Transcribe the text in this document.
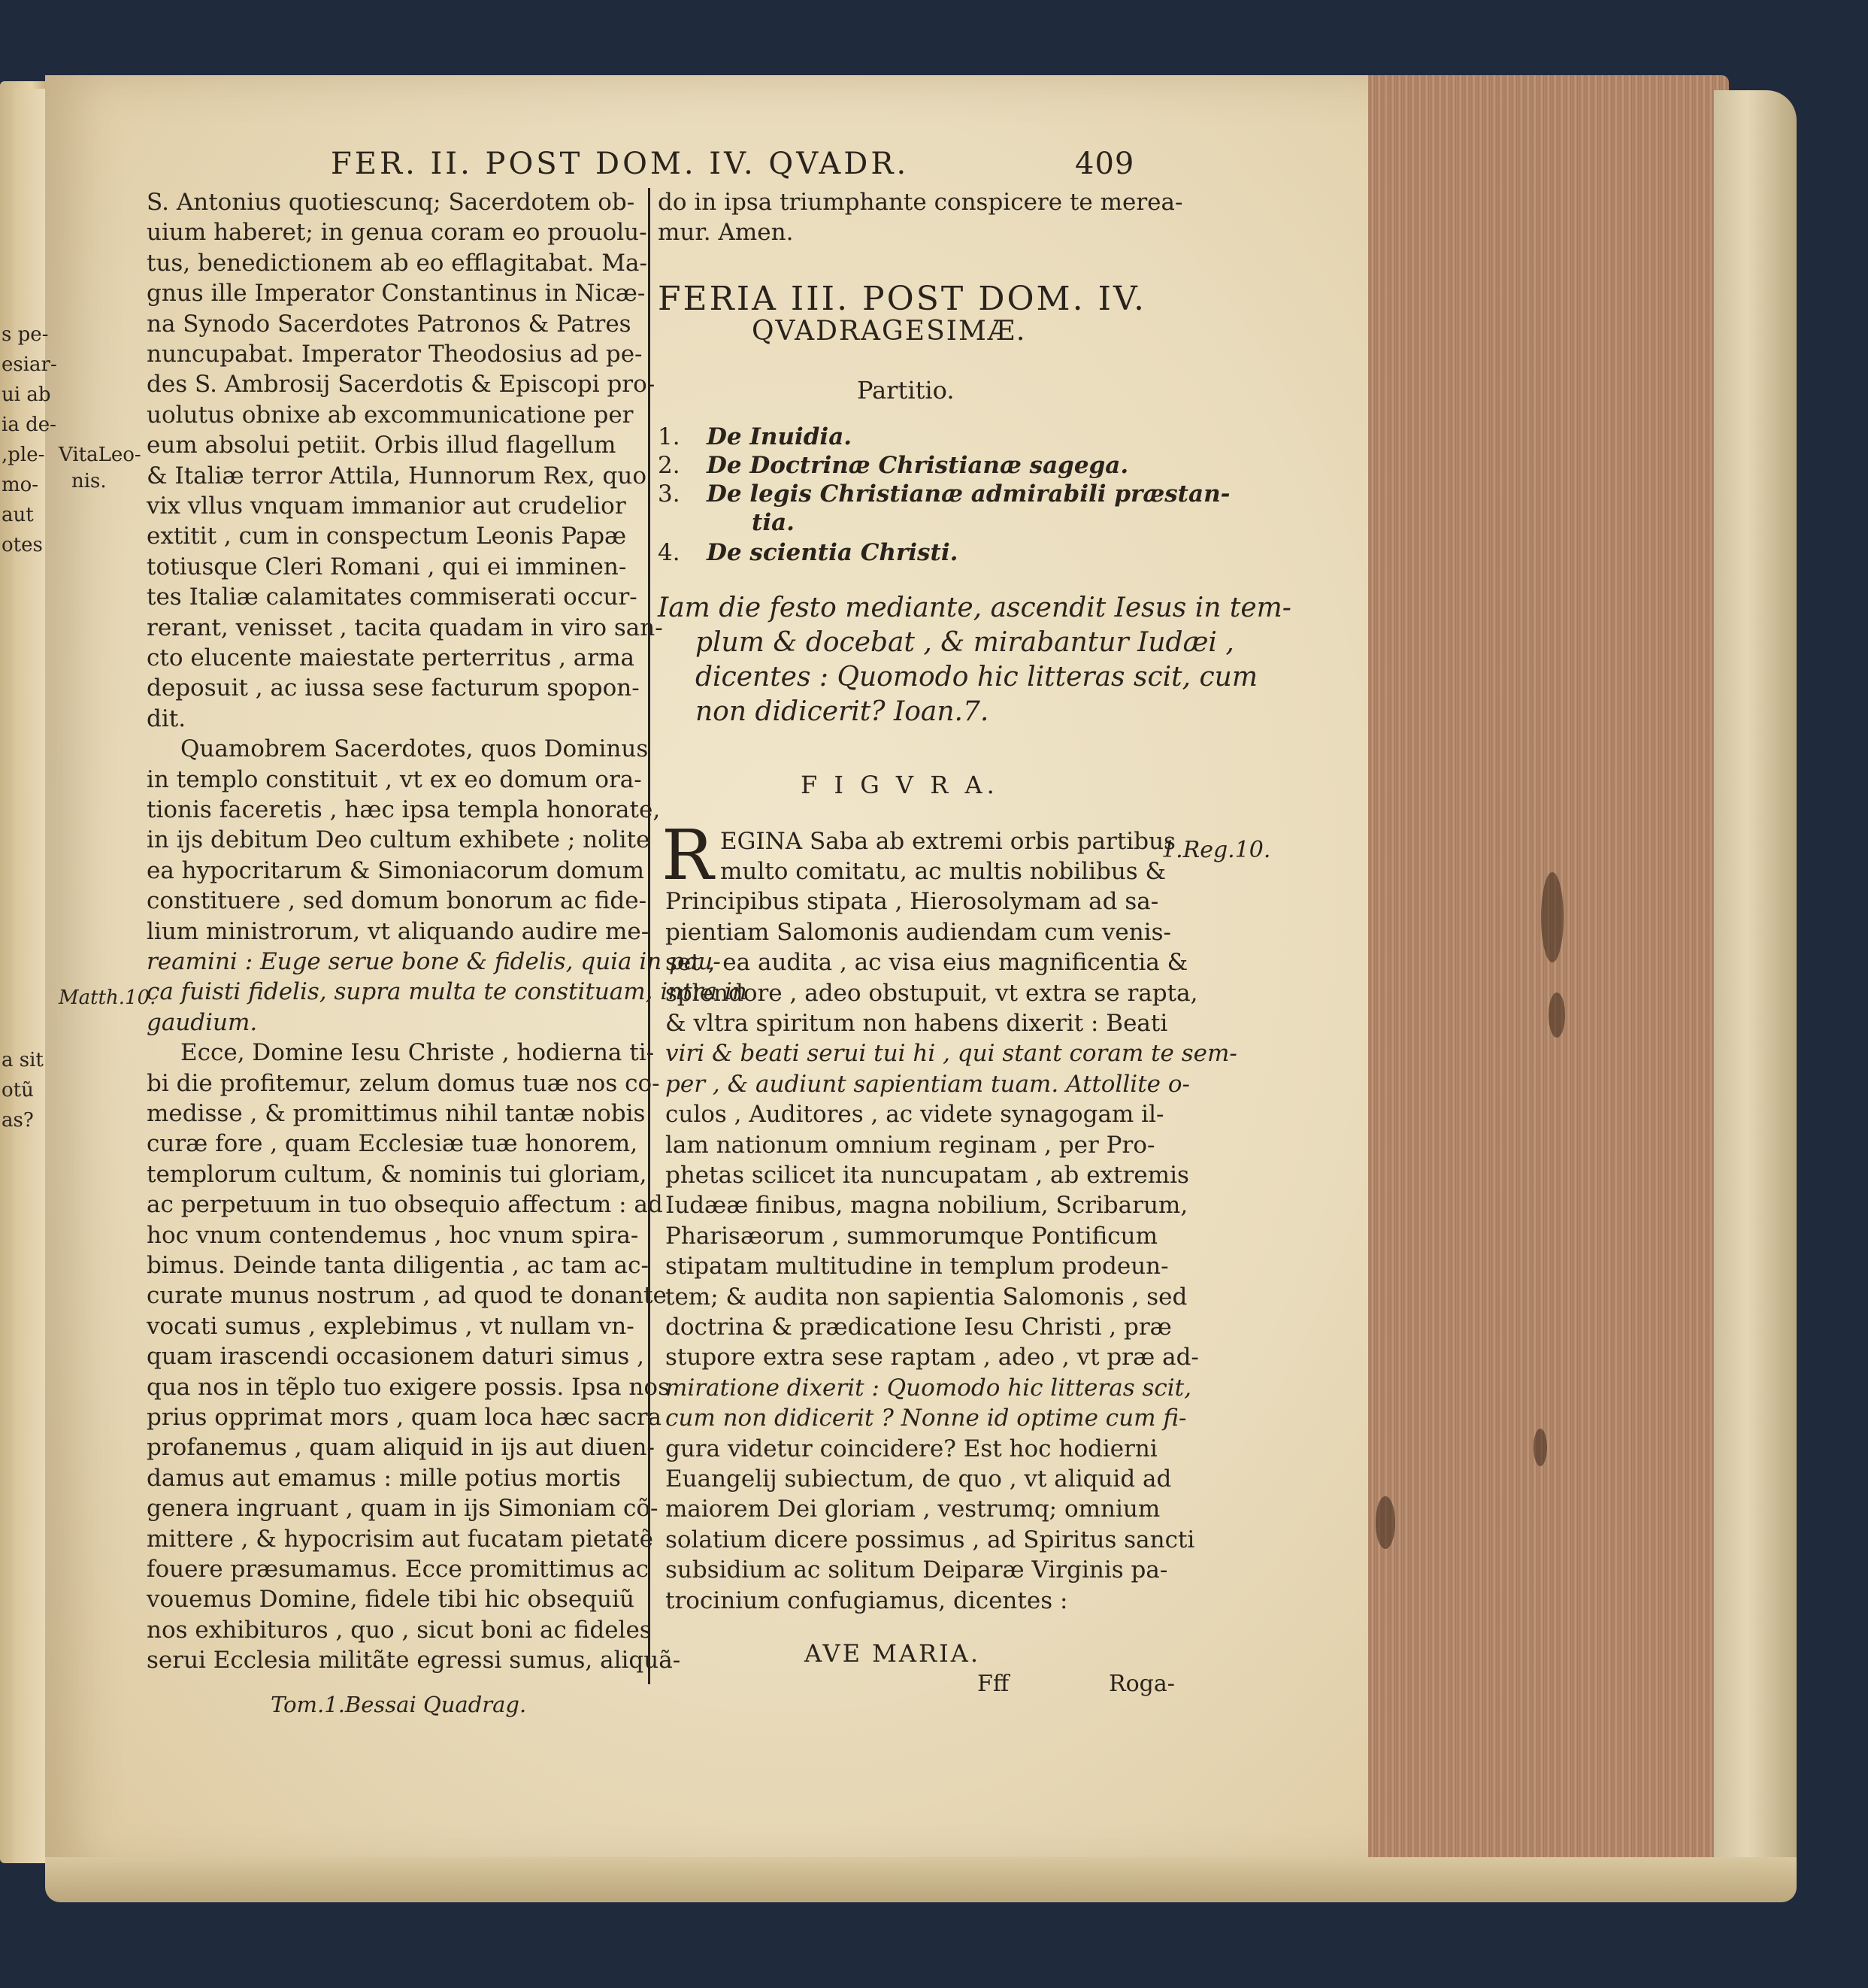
s pe-
esiar-
ui ab
ia de-
,ple-
mo-
aut
otes
a sit
otũ
as?
FER. II. POST DOM. IV. QVADR.	409
VitaLeo-
nis.
Matth.10.
1.Reg.10.
S. Antonius quotiescunq; Sacerdotem ob-
uium haberet; in genua coram eo prouolu-
tus, benedictionem ab eo efflagitabat. Ma-
gnus ille Imperator Constantinus in Nicæ-
na Synodo Sacerdotes Patronos & Patres
nuncupabat. Imperator Theodosius ad pe-
des S. Ambrosij Sacerdotis & Episcopi pro-
uolutus obnixe ab excommunicatione per
eum absolui petiit. Orbis illud flagellum
& Italiæ terror Attila, Hunnorum Rex, quo
vix vllus vnquam immanior aut crudelior
extitit , cum in conspectum Leonis Papæ
totiusque Cleri Romani , qui ei imminen-
tes Italiæ calamitates commiserati occur-
rerant, venisset , tacita quadam in viro san-
cto elucente maiestate perterritus , arma
deposuit , ac iussa sese facturum spopon-
dit.
Quamobrem Sacerdotes, quos Dominus
in templo constituit , vt ex eo domum ora-
tionis faceretis , hæc ipsa templa honorate,
in ijs debitum Deo cultum exhibete ; nolite
ea hypocritarum & Simoniacorum domum
constituere , sed domum bonorum ac fide-
lium ministrorum, vt aliquando audire me-
reamini : Euge serue bone & fidelis, quia in pau-
ca fuisti fidelis, supra multa te constituam, intra in
gaudium.
Ecce, Domine Iesu Christe , hodierna ti-
bi die profitemur, zelum domus tuæ nos co-
medisse , & promittimus nihil tantæ nobis
curæ fore , quam Ecclesiæ tuæ honorem,
templorum cultum, & nominis tui gloriam,
ac perpetuum in tuo obsequio affectum : ad
hoc vnum contendemus , hoc vnum spira-
bimus. Deinde tanta diligentia , ac tam ac-
curate munus nostrum , ad quod te donante
vocati sumus , explebimus , vt nullam vn-
quam irascendi occasionem daturi simus ,
qua nos in tẽplo tuo exigere possis. Ipsa nos
prius opprimat mors , quam loca hæc sacra
profanemus , quam aliquid in ijs aut diuen-
damus aut emamus : mille potius mortis
genera ingruant , quam in ijs Simoniam cõ-
mittere , & hypocrisim aut fucatam pietatẽ
fouere præsumamus. Ecce promittimus ac
vouemus Domine, fidele tibi hic obsequiũ
nos exhibituros , quo , sicut boni ac fideles
serui Ecclesia militãte egressi sumus, aliquã-
Tom.1.Bessai Quadrag.
do in ipsa triumphante conspicere te merea-
mur. Amen.
FERIA III. POST DOM. IV.
QVADRAGESIMÆ.
Partitio.
1. De Inuidia.
2. De Doctrinæ Christianæ sagega.
3. De legis Christianæ admirabili præstan-
tia.
4. De scientia Christi.
Iam die festo mediante, ascendit Iesus in tem-
plum & docebat , & mirabantur Iudæi ,
dicentes : Quomodo hic litteras scit, cum
non didicerit? Ioan.7.
F I G V R A.
R EGINA Saba ab extremi orbis partibus
multo comitatu, ac multis nobilibus &
Principibus stipata , Hierosolymam ad sa-
pientiam Salomonis audiendam cum venis-
set , ea audita , ac visa eius magnificentia &
splendore , adeo obstupuit, vt extra se rapta,
& vltra spiritum non habens dixerit : Beati
viri & beati serui tui hi , qui stant coram te sem-
per , & audiunt sapientiam tuam. Attollite o-
culos , Auditores , ac videte synagogam il-
lam nationum omnium reginam , per Pro-
phetas scilicet ita nuncupatam , ab extremis
Iudææ finibus, magna nobilium, Scribarum,
Pharisæorum , summorumque Pontificum
stipatam multitudine in templum prodeun-
tem; & audita non sapientia Salomonis , sed
doctrina & prædicatione Iesu Christi , præ
stupore extra sese raptam , adeo , vt præ ad-
miratione dixerit : Quomodo hic litteras scit,
cum non didicerit ? Nonne id optime cum fi-
gura videtur coincidere? Est hoc hodierni
Euangelij subiectum, de quo , vt aliquid ad
maiorem Dei gloriam , vestrumq; omnium
solatium dicere possimus , ad Spiritus sancti
subsidium ac solitum Deiparæ Virginis pa-
trocinium confugiamus, dicentes :
AVE MARIA.
Fff	Roga-
